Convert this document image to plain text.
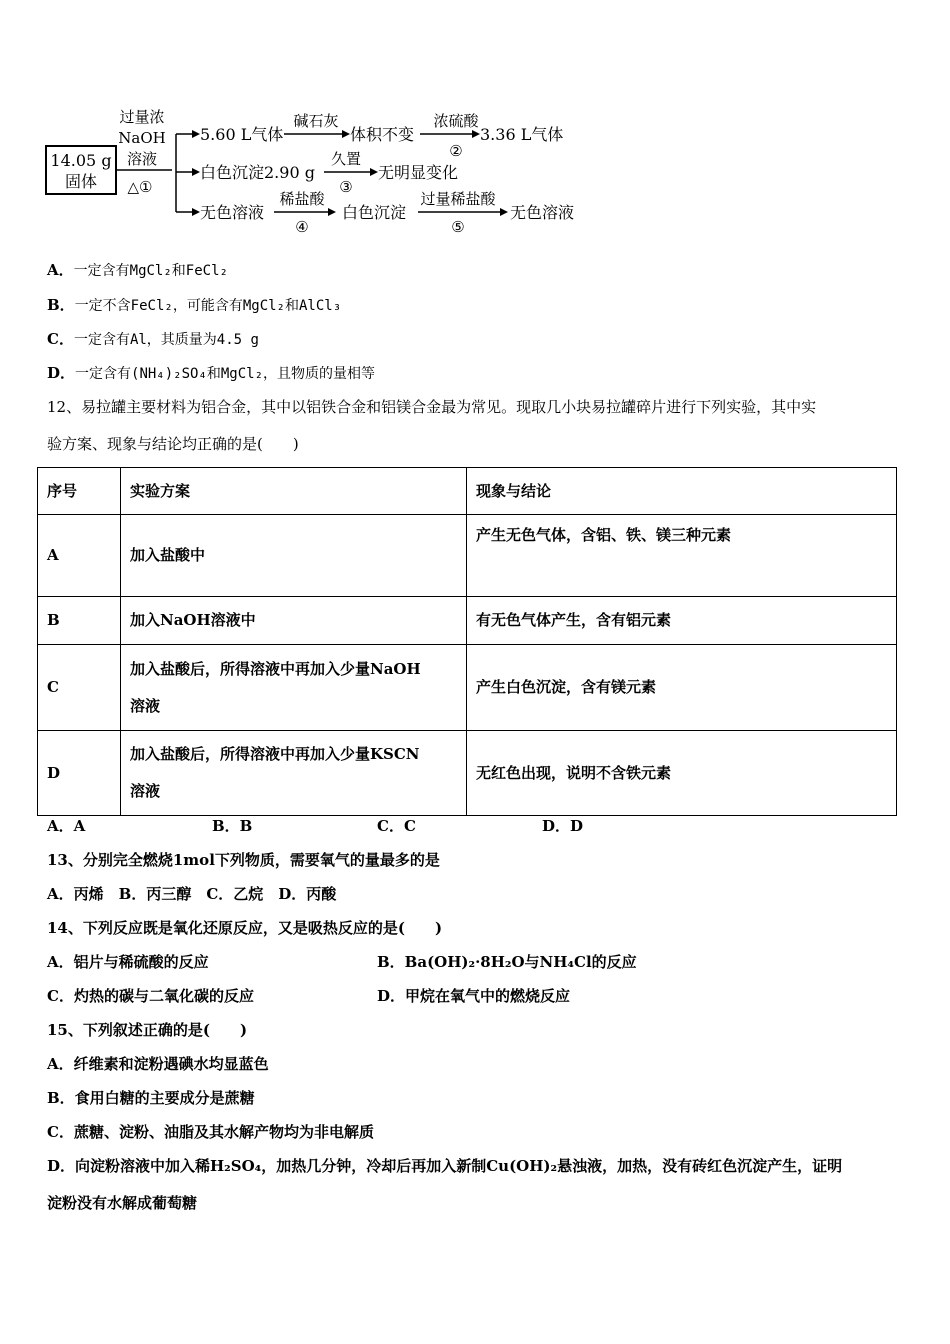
14.05 g
固体
过量浓
NaOH
溶液
△①
5.60 L气体
碱石灰
体积不变
浓硫酸
②
3.36 L气体
白色沉淀2.90 g
久置
③
无明显变化
无色溶液
稀盐酸
④
白色沉淀
过量稀盐酸
⑤
无色溶液
A．一定含有MgCl₂和FeCl₂
B．一定不含FeCl₂，可能含有MgCl₂和AlCl₃
C．一定含有Al，其质量为4.5 g
D．一定含有(NH₄)₂SO₄和MgCl₂，且物质的量相等
12、易拉罐主要材料为铝合金，其中以铝铁合金和铝镁合金最为常见。现取几小块易拉罐碎片进行下列实验，其中实
验方案、现象与结论均正确的是(　　)
序号	实验方案	现象与结论
A	加入盐酸中	产生无色气体，含铝、铁、镁三种元素
B	加入NaOH溶液中	有无色气体产生，含有铝元素
C	加入盐酸后，所得溶液中再加入少量NaOH
溶液	产生白色沉淀，含有镁元素
D	加入盐酸后，所得溶液中再加入少量KSCN
溶液	无红色出现，说明不含铁元素
A．A	B．B	C．C	D．D
13、分别完全燃烧1mol下列物质，需要氧气的量最多的是
A．丙烯　B．丙三醇　C．乙烷　D．丙酸
14、下列反应既是氧化还原反应，又是吸热反应的是(　　)
A．铝片与稀硫酸的反应	B．Ba(OH)₂·8H₂O与NH₄Cl的反应
C．灼热的碳与二氧化碳的反应	D．甲烷在氧气中的燃烧反应
15、下列叙述正确的是(　　)
A．纤维素和淀粉遇碘水均显蓝色
B．食用白糖的主要成分是蔗糖
C．蔗糖、淀粉、油脂及其水解产物均为非电解质
D．向淀粉溶液中加入稀H₂SO₄，加热几分钟，冷却后再加入新制Cu(OH)₂悬浊液，加热，没有砖红色沉淀产生，证明
淀粉没有水解成葡萄糖
